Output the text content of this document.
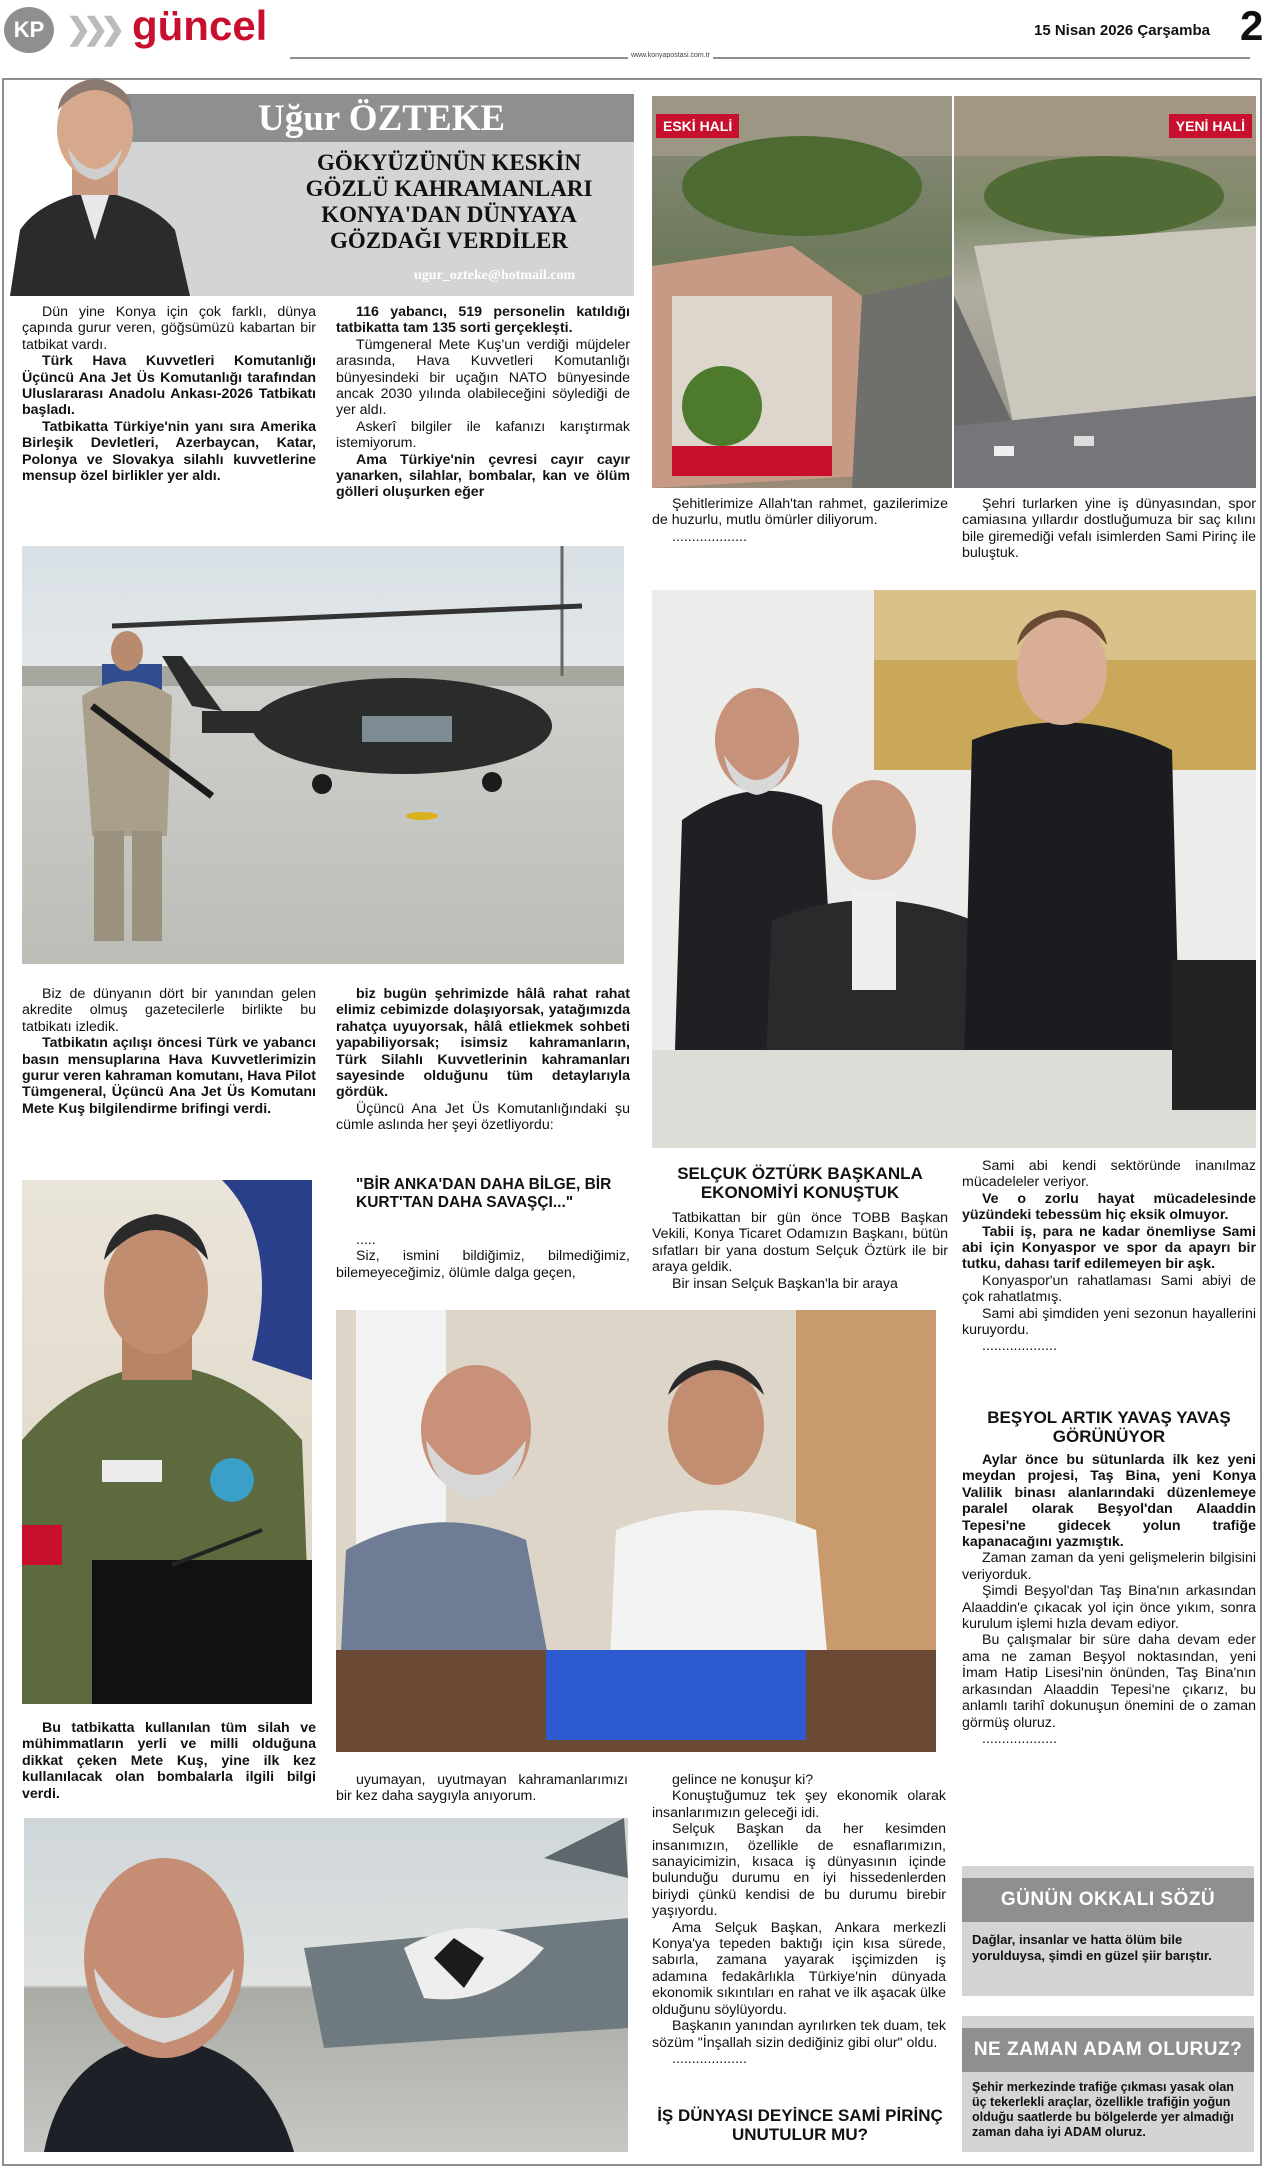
KP ❯❯❯ güncel
www.konyapostasi.com.tr
15 Nisan 2026 Çarşamba 2
Uğur ÖZTEKE
GÖKYÜZÜNÜN KESKİN GÖZLÜ KAHRAMANLARI KONYA'DAN DÜNYAYA GÖZDAĞI VERDİLER
ugur_ozteke@hotmail.com

Dün yine Konya için çok farklı, dünya çapında gurur veren, göğsümüzü kabartan bir tatbikat vardı.

Türk Hava Kuvvetleri Komutanlığı Üçüncü Ana Jet Üs Komutanlığı tarafından Uluslararası Anadolu Ankası-2026 Tatbikatı başladı.

Tatbikatta Türkiye'nin yanı sıra Amerika Birleşik Devletleri, Azerbaycan, Katar, Polonya ve Slovakya silahlı kuvvetlerine mensup özel birlikler yer aldı.

116 yabancı, 519 personelin katıldığı tatbikatta tam 135 sorti gerçekleşti.

Tümgeneral Mete Kuş'un verdiği müjdeler arasında, Hava Kuvvetleri Komutanlığı bünyesindeki bir uçağın NATO bünyesinde ancak 2030 yılında olabileceğini söylediği de yer aldı.

Askerî bilgiler ile kafanızı karıştırmak istemiyorum.

Ama Türkiye'nin çevresi cayır cayır yanarken, silahlar, bombalar, kan ve ölüm gölleri oluşurken eğer

Biz de dünyanın dört bir yanından gelen akredite olmuş gazetecilerle birlikte bu tatbikatı izledik.

Tatbikatın açılışı öncesi Türk ve yabancı basın mensuplarına Hava Kuvvetlerimizin gurur veren kahraman komutanı, Hava Pilot Tümgeneral, Üçüncü Ana Jet Üs Komutanı Mete Kuş bilgilendirme brifingi verdi.

biz bugün şehrimizde hâlâ rahat rahat elimiz cebimizde dolaşıyorsak, yatağımızda rahatça uyuyorsak, hâlâ etliekmek sohbeti yapabiliyorsak; isimsiz kahramanların, Türk Silahlı Kuvvetlerinin kahramanları sayesinde olduğunu tüm detaylarıyla gördük.

Üçüncü Ana Jet Üs Komutanlığındaki şu cümle aslında her şeyi özetliyordu:

"BİR ANKA'DAN DAHA BİLGE, BİR KURT'TAN DAHA SAVAŞÇI..."

.....

Siz, ismini bildiğimiz, bilmediğimiz, bilemeyeceğimiz, ölümle dalga geçen,

Bu tatbikatta kullanılan tüm silah ve mühimmatların yerli ve milli olduğuna dikkat çeken Mete Kuş, yine ilk kez kullanılacak olan bombalarla ilgili bilgi verdi.

uyumayan, uyutmayan kahramanlarımızı bir kez daha saygıyla anıyorum.

ESKİ HALİ	YENİ HALİ

Şehitlerimize Allah'tan rahmet, gazilerimize de huzurlu, mutlu ömürler diliyorum.

...................

Şehri turlarken yine iş dünyasından, spor camiasına yıllardır dostluğumuza bir saç kılını bile giremediği vefalı isimlerden Sami Pirinç ile buluştuk.

SELÇUK ÖZTÜRK BAŞKANLA EKONOMİYİ KONUŞTUK

Tatbikattan bir gün önce TOBB Başkan Vekili, Konya Ticaret Odamızın Başkanı, bütün sıfatları bir yana dostum Selçuk Öztürk ile bir araya geldik.

Bir insan Selçuk Başkan'la bir araya

Sami abi kendi sektöründe inanılmaz mücadeleler veriyor.

Ve o zorlu hayat mücadelesinde yüzündeki tebessüm hiç eksik olmuyor.

Tabii iş, para ne kadar önemliyse Sami abi için Konyaspor ve spor da apayrı bir tutku, dahası tarif edilemeyen bir aşk.

Konyaspor'un rahatlaması Sami abiyi de çok rahatlatmış.

Sami abi şimdiden yeni sezonun hayallerini kuruyordu.

...................

BEŞYOL ARTIK YAVAŞ YAVAŞ GÖRÜNÜYOR

Aylar önce bu sütunlarda ilk kez yeni meydan projesi, Taş Bina, yeni Konya Valilik binası alanlarındaki düzenlemeye paralel olarak Beşyol'dan Alaaddin Tepesi'ne gidecek yolun trafiğe kapanacağını yazmıştık.

Zaman zaman da yeni gelişmelerin bilgisini veriyorduk.

Şimdi Beşyol'dan Taş Bina'nın arkasından Alaaddin'e çıkacak yol için önce yıkım, sonra kurulum işlemi hızla devam ediyor.

Bu çalışmalar bir süre daha devam eder ama ne zaman Beşyol noktasından, yeni İmam Hatip Lisesi'nin önünden, Taş Bina'nın arkasından Alaaddin Tepesi'ne çıkarız, bu anlamlı tarihî dokunuşun önemini de o zaman görmüş oluruz.

...................

gelince ne konuşur ki?

Konuştuğumuz tek şey ekonomik olarak insanlarımızın geleceği idi.

Selçuk Başkan da her kesimden insanımızın, özellikle de esnaflarımızın, sanayicimizin, kısaca iş dünyasının içinde bulunduğu durumu en iyi hissedenlerden biriydi çünkü kendisi de bu durumu birebir yaşıyordu.

Ama Selçuk Başkan, Ankara merkezli Konya'ya tepeden baktığı için kısa sürede, sabırla, zamana yayarak işçimizden iş adamına fedakârlıkla Türkiye'nin dünyada ekonomik sıkıntıları en rahat ve ilk aşacak ülke olduğunu söylüyordu.

Başkanın yanından ayrılırken tek duam, tek sözüm "İnşallah sizin dediğiniz gibi olur" oldu.

...................

İŞ DÜNYASI DEYİNCE SAMİ PİRİNÇ UNUTULUR MU?
GÜNÜN OKKALI SÖZÜ
Dağlar, insanlar ve hatta ölüm bile yorulduysa, şimdi en güzel şiir barıştır.
NE ZAMAN ADAM OLURUZ?
Şehir merkezinde trafiğe çıkması yasak olan üç tekerlekli araçlar, özellikle trafiğin yoğun olduğu saatlerde bu bölgelerde yer almadığı zaman daha iyi ADAM oluruz.
